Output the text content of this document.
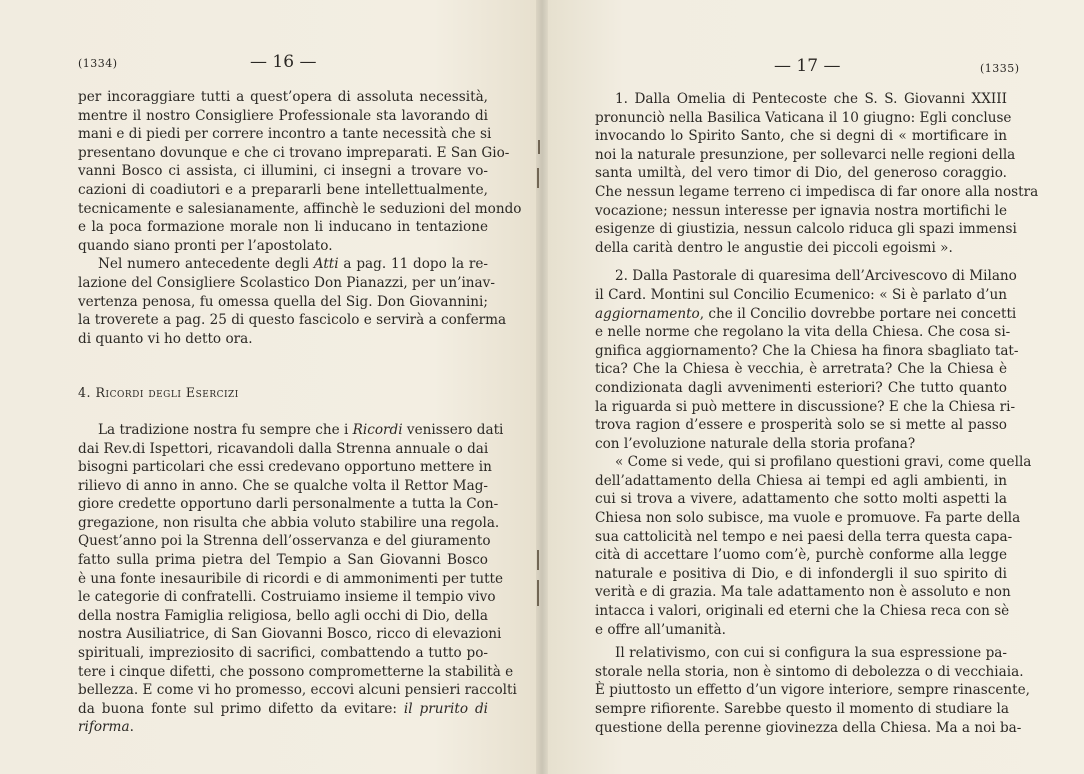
(1334)	— 16 —

per incoraggiare tutti a quest’opera di assoluta necessità,
mentre il nostro Consigliere Professionale sta lavorando di
mani e di piedi per correre incontro a tante necessità che si
presentano dovunque e che ci trovano impreparati. E San Gio-
vanni Bosco ci assista, ci illumini, ci insegni a trovare vo-
cazioni di coadiutori e a prepararli bene intellettualmente,
tecnicamente e salesianamente, affinchè le seduzioni del mondo
e la poca formazione morale non li inducano in tentazione
quando siano pronti per l’apostolato.

Nel numero antecedente degli Atti a pag. 11 dopo la re-
lazione del Consigliere Scolastico Don Pianazzi, per un’inav-
vertenza penosa, fu omessa quella del Sig. Don Giovannini;
la troverete a pag. 25 di questo fascicolo e servirà a conferma
di quanto vi ho detto ora.

4. Ricordi degli Esercizi

La tradizione nostra fu sempre che i Ricordi venissero dati
dai Rev.di Ispettori, ricavandoli dalla Strenna annuale o dai
bisogni particolari che essi credevano opportuno mettere in
rilievo di anno in anno. Che se qualche volta il Rettor Mag-
giore credette opportuno darli personalmente a tutta la Con-
gregazione, non risulta che abbia voluto stabilire una regola.
Quest’anno poi la Strenna dell’osservanza e del giuramento
fatto sulla prima pietra del Tempio a San Giovanni Bosco
è una fonte inesauribile di ricordi e di ammonimenti per tutte
le categorie di confratelli. Costruiamo insieme il tempio vivo
della nostra Famiglia religiosa, bello agli occhi di Dio, della
nostra Ausiliatrice, di San Giovanni Bosco, ricco di elevazioni
spirituali, impreziosito di sacrifici, combattendo a tutto po-
tere i cinque difetti, che possono comprometterne la stabilità e
bellezza. E come vi ho promesso, eccovi alcuni pensieri raccolti
da buona fonte sul primo difetto da evitare: il prurito di
riforma.

— 17 —	(1335)

1. Dalla Omelia di Pentecoste che S. S. Giovanni XXIII
pronunciò nella Basilica Vaticana il 10 giugno: Egli concluse
invocando lo Spirito Santo, che si degni di « mortificare in
noi la naturale presunzione, per sollevarci nelle regioni della
santa umiltà, del vero timor di Dio, del generoso coraggio.
Che nessun legame terreno ci impedisca di far onore alla nostra
vocazione; nessun interesse per ignavia nostra mortifichi le
esigenze di giustizia, nessun calcolo riduca gli spazi immensi
della carità dentro le angustie dei piccoli egoismi ».

2. Dalla Pastorale di quaresima dell’Arcivescovo di Milano
il Card. Montini sul Concilio Ecumenico: « Si è parlato d’un
aggiornamento, che il Concilio dovrebbe portare nei concetti
e nelle norme che regolano la vita della Chiesa. Che cosa si-
gnifica aggiornamento? Che la Chiesa ha finora sbagliato tat-
tica? Che la Chiesa è vecchia, è arretrata? Che la Chiesa è
condizionata dagli avvenimenti esteriori? Che tutto quanto
la riguarda si può mettere in discussione? E che la Chiesa ri-
trova ragion d’essere e prosperità solo se si mette al passo
con l’evoluzione naturale della storia profana?

« Come si vede, qui si profilano questioni gravi, come quella
dell’adattamento della Chiesa ai tempi ed agli ambienti, in
cui si trova a vivere, adattamento che sotto molti aspetti la
Chiesa non solo subisce, ma vuole e promuove. Fa parte della
sua cattolicità nel tempo e nei paesi della terra questa capa-
cità di accettare l’uomo com’è, purchè conforme alla legge
naturale e positiva di Dio, e di infondergli il suo spirito di
verità e di grazia. Ma tale adattamento non è assoluto e non
intacca i valori, originali ed eterni che la Chiesa reca con sè
e offre all’umanità.

Il relativismo, con cui si configura la sua espressione pa-
storale nella storia, non è sintomo di debolezza o di vecchiaia.
È piuttosto un effetto d’un vigore interiore, sempre rinascente,
sempre rifiorente. Sarebbe questo il momento di studiare la
questione della perenne giovinezza della Chiesa. Ma a noi ba-
